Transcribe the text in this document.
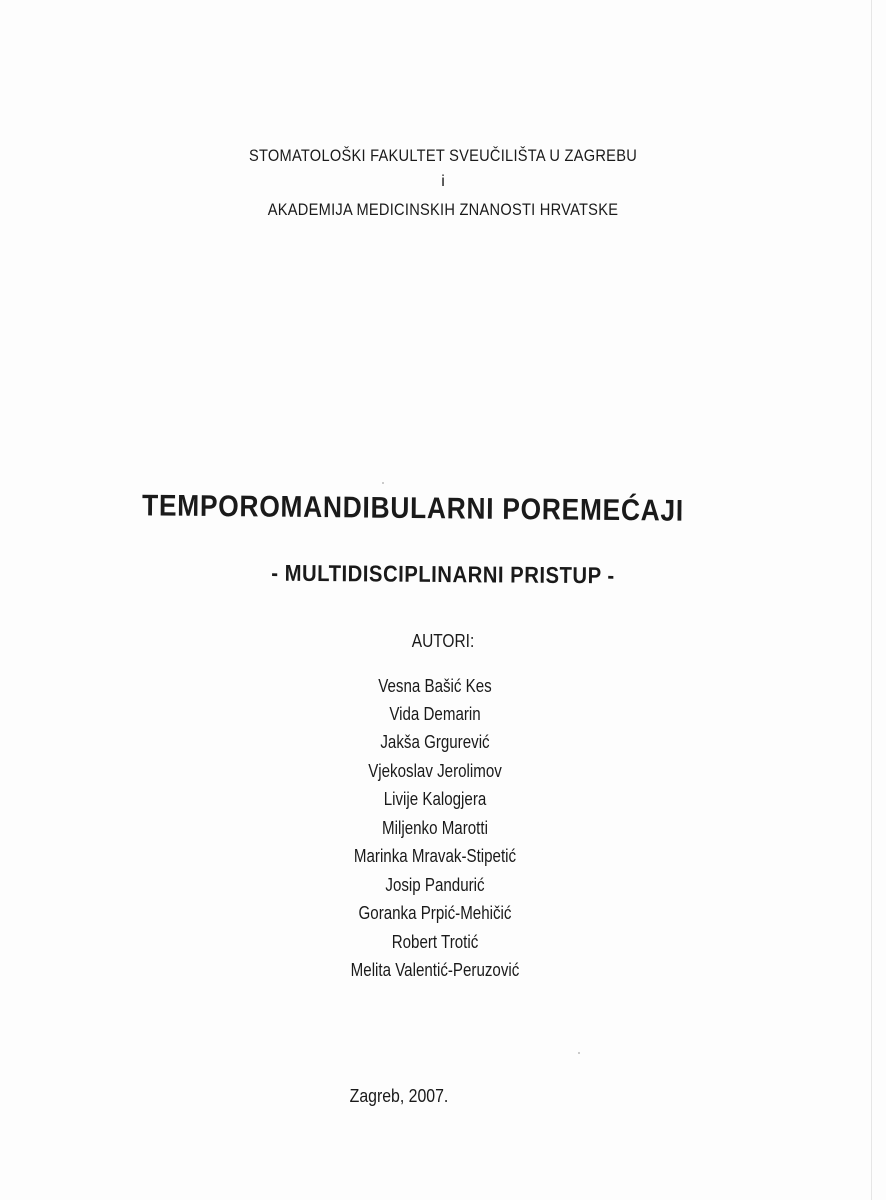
STOMATOLOŠKI FAKULTET SVEUČILIŠTA U ZAGREBU
i
AKADEMIJA MEDICINSKIH ZNANOSTI HRVATSKE
TEMPOROMANDIBULARNI POREMEĆAJI
- MULTIDISCIPLINARNI PRISTUP -
AUTORI:
Vesna Bašić Kes
Vida Demarin
Jakša Grgurević
Vjekoslav Jerolimov
Livije Kalogjera
Miljenko Marotti
Marinka Mravak-Stipetić
Josip Pandurić
Goranka Prpić-Mehičić
Robert Trotić
Melita Valentić-Peruzović
Zagreb, 2007.
